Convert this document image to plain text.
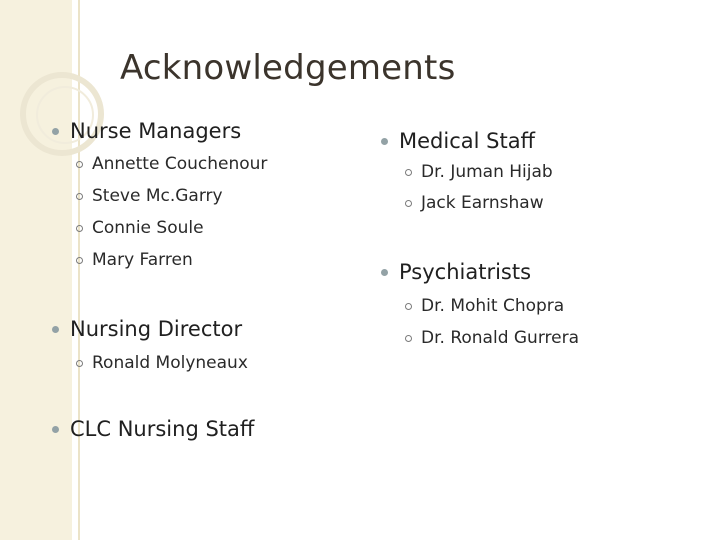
Acknowledgements
Nurse Managers
Annette Couchenour
Steve Mc.Garry
Connie Soule
Mary Farren
Nursing Director
Ronald Molyneaux
CLC Nursing Staff
Medical Staff
Dr. Juman Hijab
Jack Earnshaw
Psychiatrists
Dr. Mohit Chopra
Dr. Ronald Gurrera
